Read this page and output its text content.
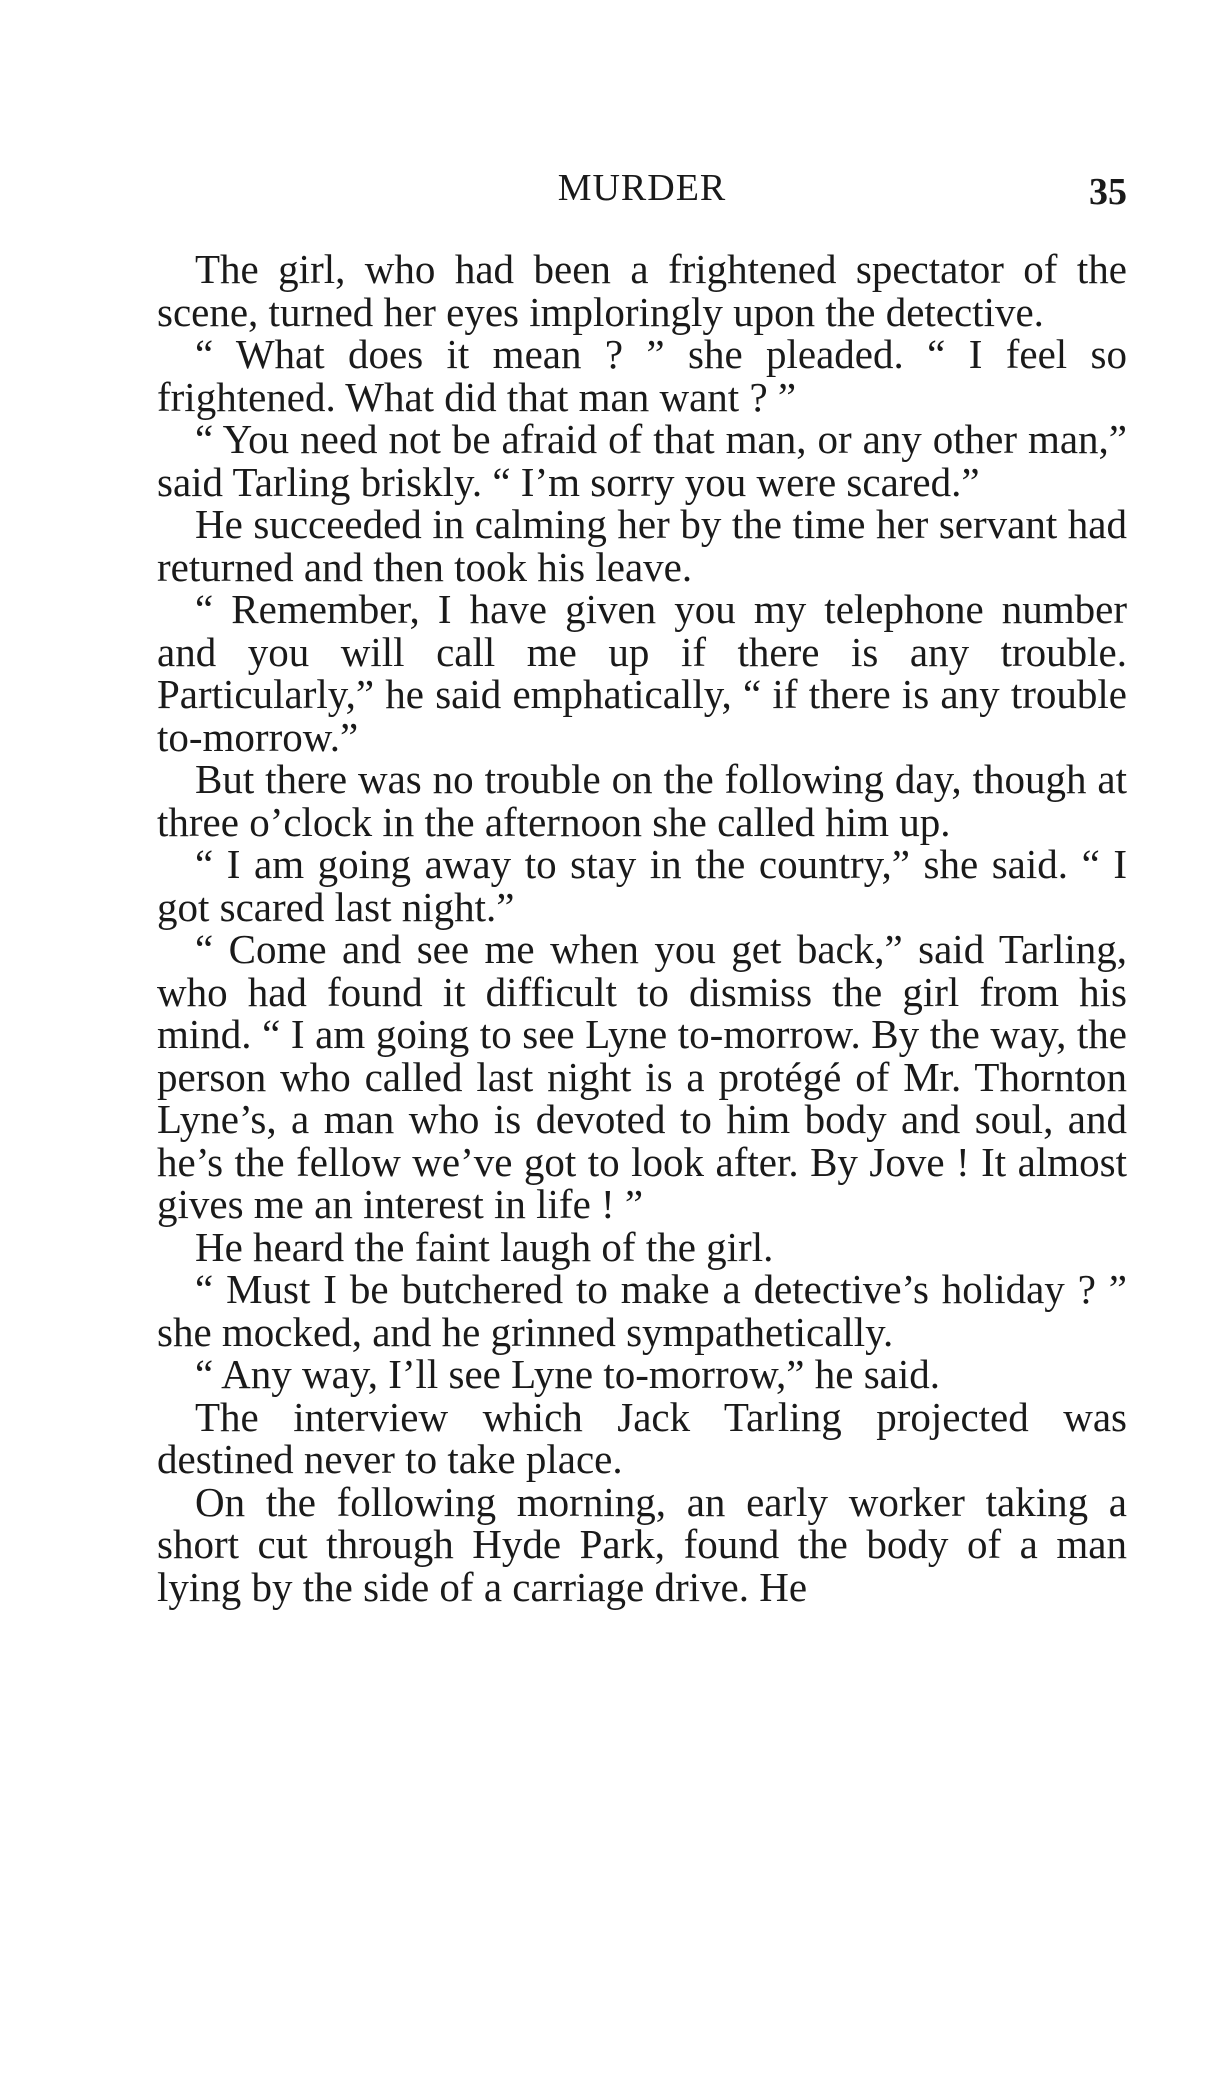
MURDER	35

The girl, who had been a frightened spectator of the scene, turned her eyes imploringly upon the detective.

“ What does it mean ? ” she pleaded. “ I feel so frightened. What did that man want ? ”

“ You need not be afraid of that man, or any other man,” said Tarling briskly. “ I’m sorry you were scared.”

He succeeded in calming her by the time her servant had returned and then took his leave.

“ Remember, I have given you my telephone number and you will call me up if there is any trouble. Particularly,” he said emphatically, “ if there is any trouble to-morrow.”

But there was no trouble on the following day, though at three o’clock in the afternoon she called him up.

“ I am going away to stay in the country,” she said. “ I got scared last night.”

“ Come and see me when you get back,” said Tarling, who had found it difficult to dismiss the girl from his mind. “ I am going to see Lyne to-morrow. By the way, the person who called last night is a protégé of Mr. Thornton Lyne’s, a man who is devoted to him body and soul, and he’s the fellow we’ve got to look after. By Jove ! It almost gives me an interest in life ! ”

He heard the faint laugh of the girl.

“ Must I be butchered to make a detective’s holiday ? ” she mocked, and he grinned sympathetically.

“ Any way, I’ll see Lyne to-morrow,” he said.

The interview which Jack Tarling projected was destined never to take place.

On the following morning, an early worker taking a short cut through Hyde Park, found the body of a man lying by the side of a carriage drive. He
